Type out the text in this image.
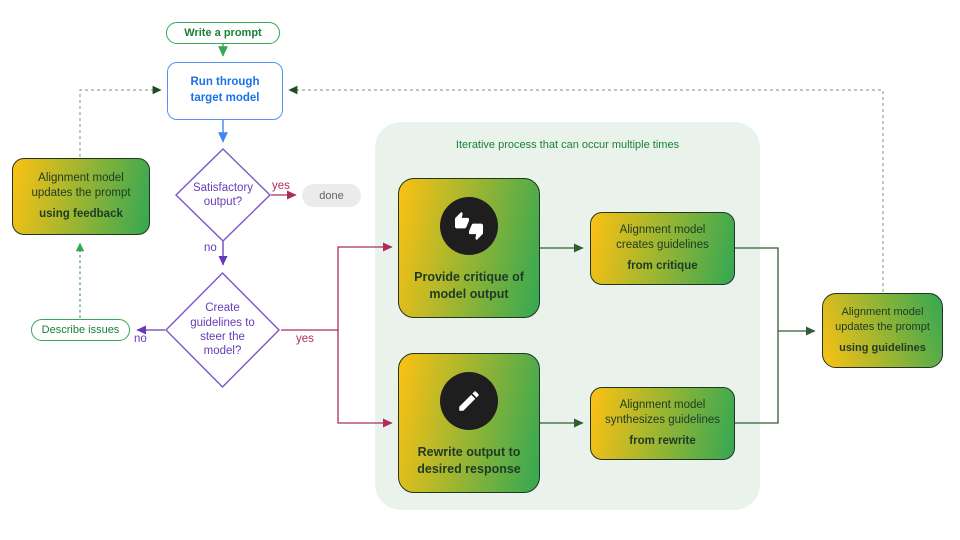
Iterative process that can occur multiple times
Write a prompt
Run through
target model
Satisfactory
output?
done
Alignment model
updates the prompt
using feedback
Create
guidelines to
steer the
model?
Describe issues
Provide critique of
model output
Rewrite output to
desired response
Alignment model
creates guidelines
from critique
Alignment model
synthesizes guidelines
from rewrite
Alignment model
updates the prompt
using guidelines
yes
no
no	yes
